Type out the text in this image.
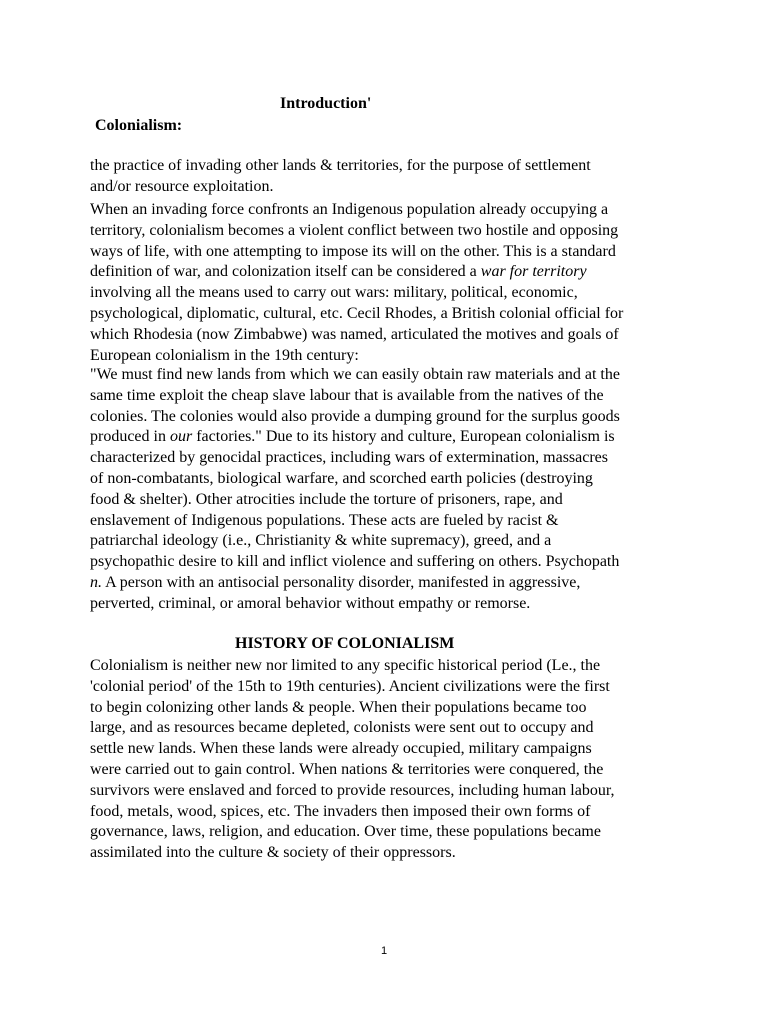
Introduction'
Colonialism:
the practice of invading other lands & territories, for the purpose of settlement
and/or resource exploitation.
When an invading force confronts an Indigenous population already occupying a
territory, colonialism becomes a violent conflict between two hostile and opposing
ways of life, with one attempting to impose its will on the other. This is a standard
definition of war, and colonization itself can be considered a war for territory
involving all the means used to carry out wars: military, political, economic,
psychological, diplomatic, cultural, etc. Cecil Rhodes, a British colonial official for
which Rhodesia (now Zimbabwe) was named, articulated the motives and goals of
European colonialism in the 19th century:
"We must find new lands from which we can easily obtain raw materials and at the
same time exploit the cheap slave labour that is available from the natives of the
colonies. The colonies would also provide a dumping ground for the surplus goods
produced in our factories." Due to its history and culture, European colonialism is
characterized by genocidal practices, including wars of extermination, massacres
of non-combatants, biological warfare, and scorched earth policies (destroying
food & shelter). Other atrocities include the torture of prisoners, rape, and
enslavement of Indigenous populations. These acts are fueled by racist &
patriarchal ideology (i.e., Christianity & white supremacy), greed, and a
psychopathic desire to kill and inflict violence and suffering on others. Psychopath
n. A person with an antisocial personality disorder, manifested in aggressive,
perverted, criminal, or amoral behavior without empathy or remorse.
HISTORY OF COLONIALISM
Colonialism is neither new nor limited to any specific historical period (Le., the
'colonial period' of the 15th to 19th centuries). Ancient civilizations were the first
to begin colonizing other lands & people. When their populations became too
large, and as resources became depleted, colonists were sent out to occupy and
settle new lands. When these lands were already occupied, military campaigns
were carried out to gain control. When nations & territories were conquered, the
survivors were enslaved and forced to provide resources, including human labour,
food, metals, wood, spices, etc. The invaders then imposed their own forms of
governance, laws, religion, and education. Over time, these populations became
assimilated into the culture & society of their oppressors.
1
